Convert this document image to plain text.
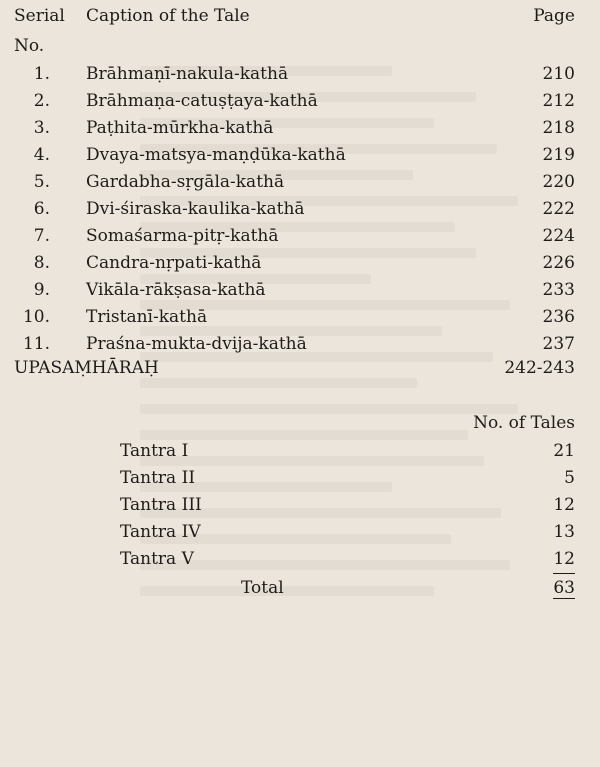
Serial Caption of the Tale	Page
No.
1. Brāhmaṇī-nakula-kathā	210
2. Brāhmaṇa-catuṣṭaya-kathā	212
3. Paṭhita-mūrkha-kathā	218
4. Dvaya-matsya-maṇḍūka-kathā	219
5. Gardabha-sṛgāla-kathā	220
6. Dvi-śiraska-kaulika-kathā	222
7. Somaśarma-pitṛ-kathā	224
8. Candra-nṛpati-kathā	226
9. Vikāla-rākṣasa-kathā	233
10. Tristanī-kathā	236
11. Praśna-mukta-dvija-kathā	237
UPASAṂHĀRAḤ	242-243
No. of Tales
Tantra I	21
Tantra II	5
Tantra III	12
Tantra IV	13
Tantra V	12
Total	63
